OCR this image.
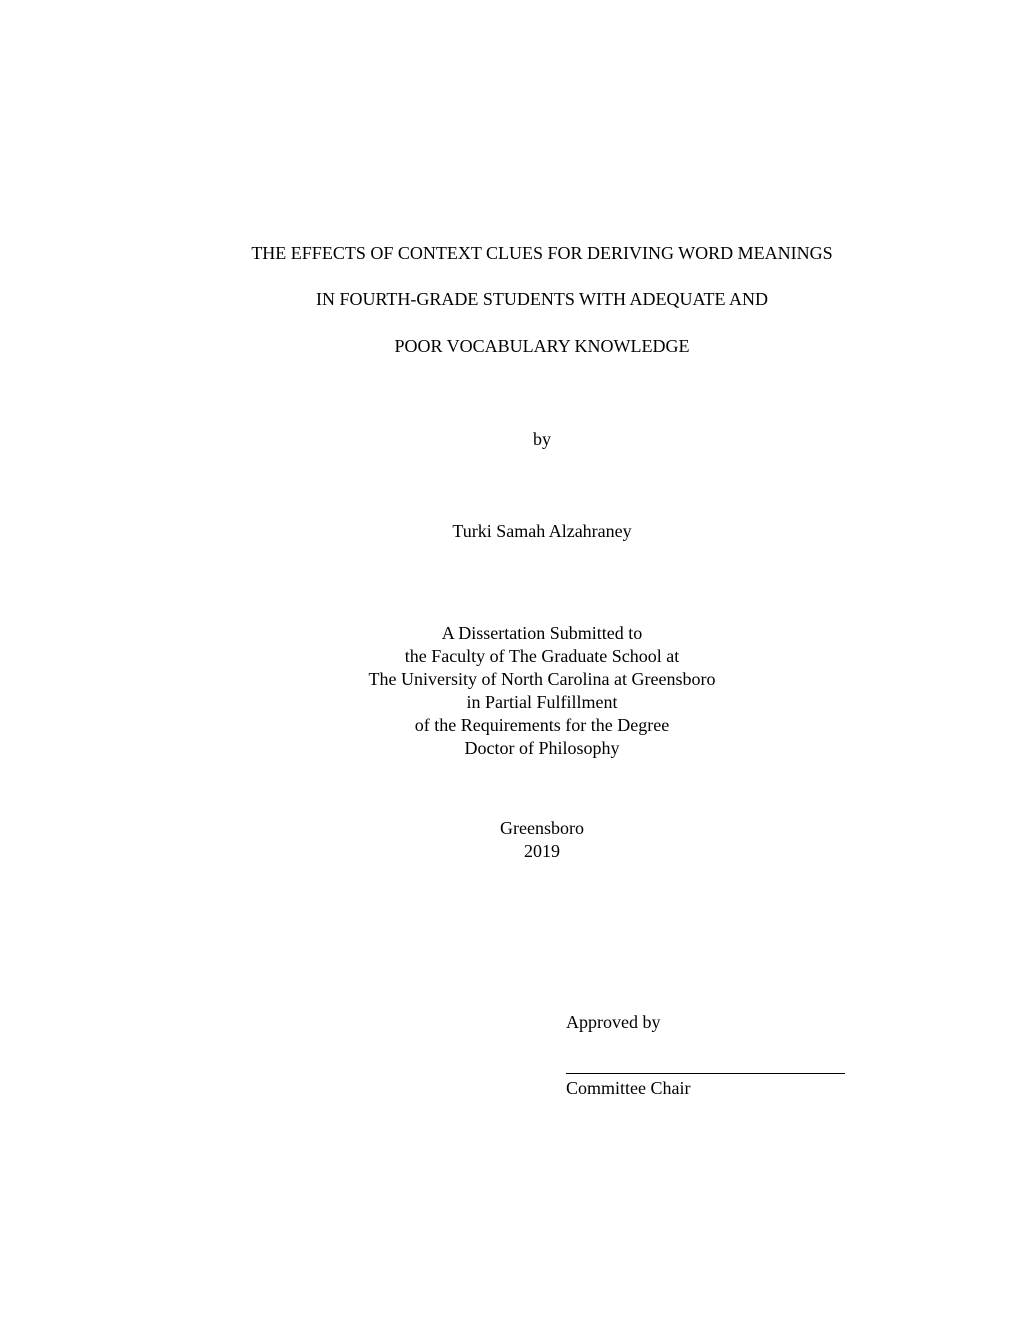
THE EFFECTS OF CONTEXT CLUES FOR DERIVING WORD MEANINGS
IN FOURTH-GRADE STUDENTS WITH ADEQUATE AND
POOR VOCABULARY KNOWLEDGE
by
Turki Samah Alzahraney
A Dissertation Submitted to
the Faculty of The Graduate School at
The University of North Carolina at Greensboro
in Partial Fulfillment
of the Requirements for the Degree
Doctor of Philosophy
Greensboro
2019
Approved by
Committee Chair
